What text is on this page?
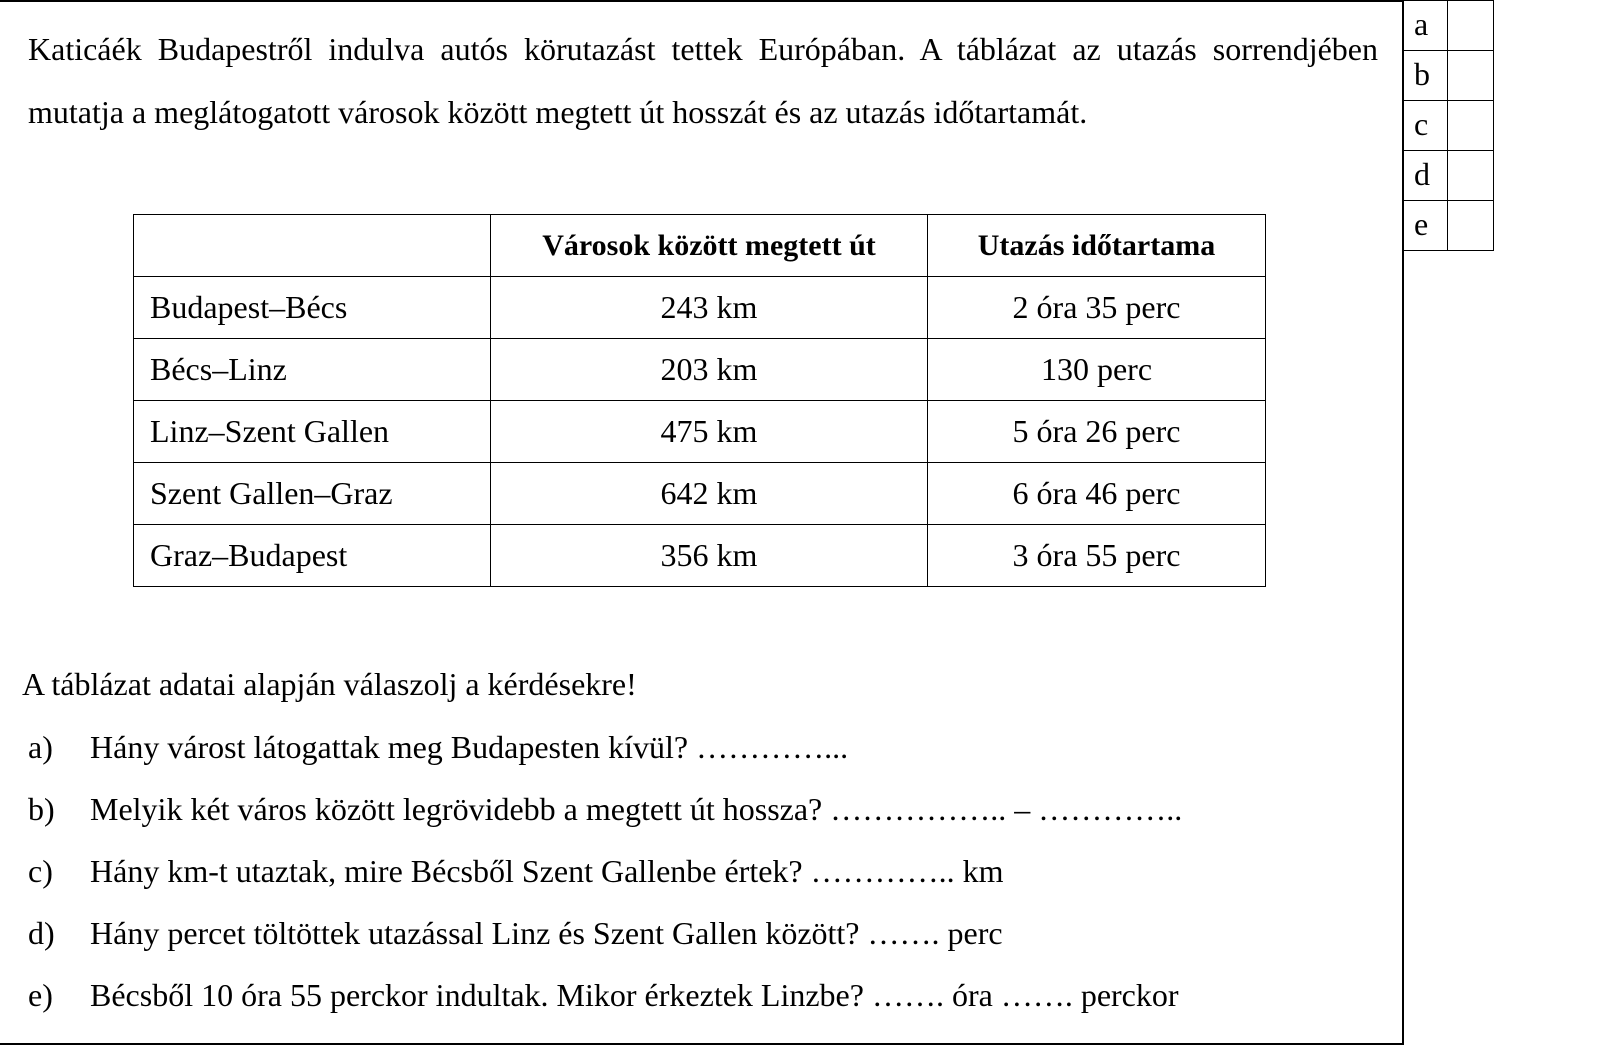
Katicáék Budapestről indulva autós körutazást tettek Európában. A táblázat az utazás sorrendjében mutatja a meglátogatott városok között megtett út hosszát és az utazás időtartamát.
	Városok között megtett út	Utazás időtartama
Budapest–Bécs	243 km	2 óra 35 perc
Bécs–Linz	203 km	130 perc
Linz–Szent Gallen	475 km	5 óra 26 perc
Szent Gallen–Graz	642 km	6 óra 46 perc
Graz–Budapest	356 km	3 óra 55 perc
A táblázat adatai alapján válaszolj a kérdésekre!
a) Hány várost látogattak meg Budapesten kívül? …………...
b) Melyik két város között legrövidebb a megtett út hossza? …………….. – …………..
c) Hány km-t utaztak, mire Bécsből Szent Gallenbe értek? ………….. km
d) Hány percet töltöttek utazással Linz és Szent Gallen között? ……. perc
e) Bécsből 10 óra 55 perckor indultak. Mikor érkeztek Linzbe? ……. óra ……. perckor
a	
b	
c	
d	
e	
